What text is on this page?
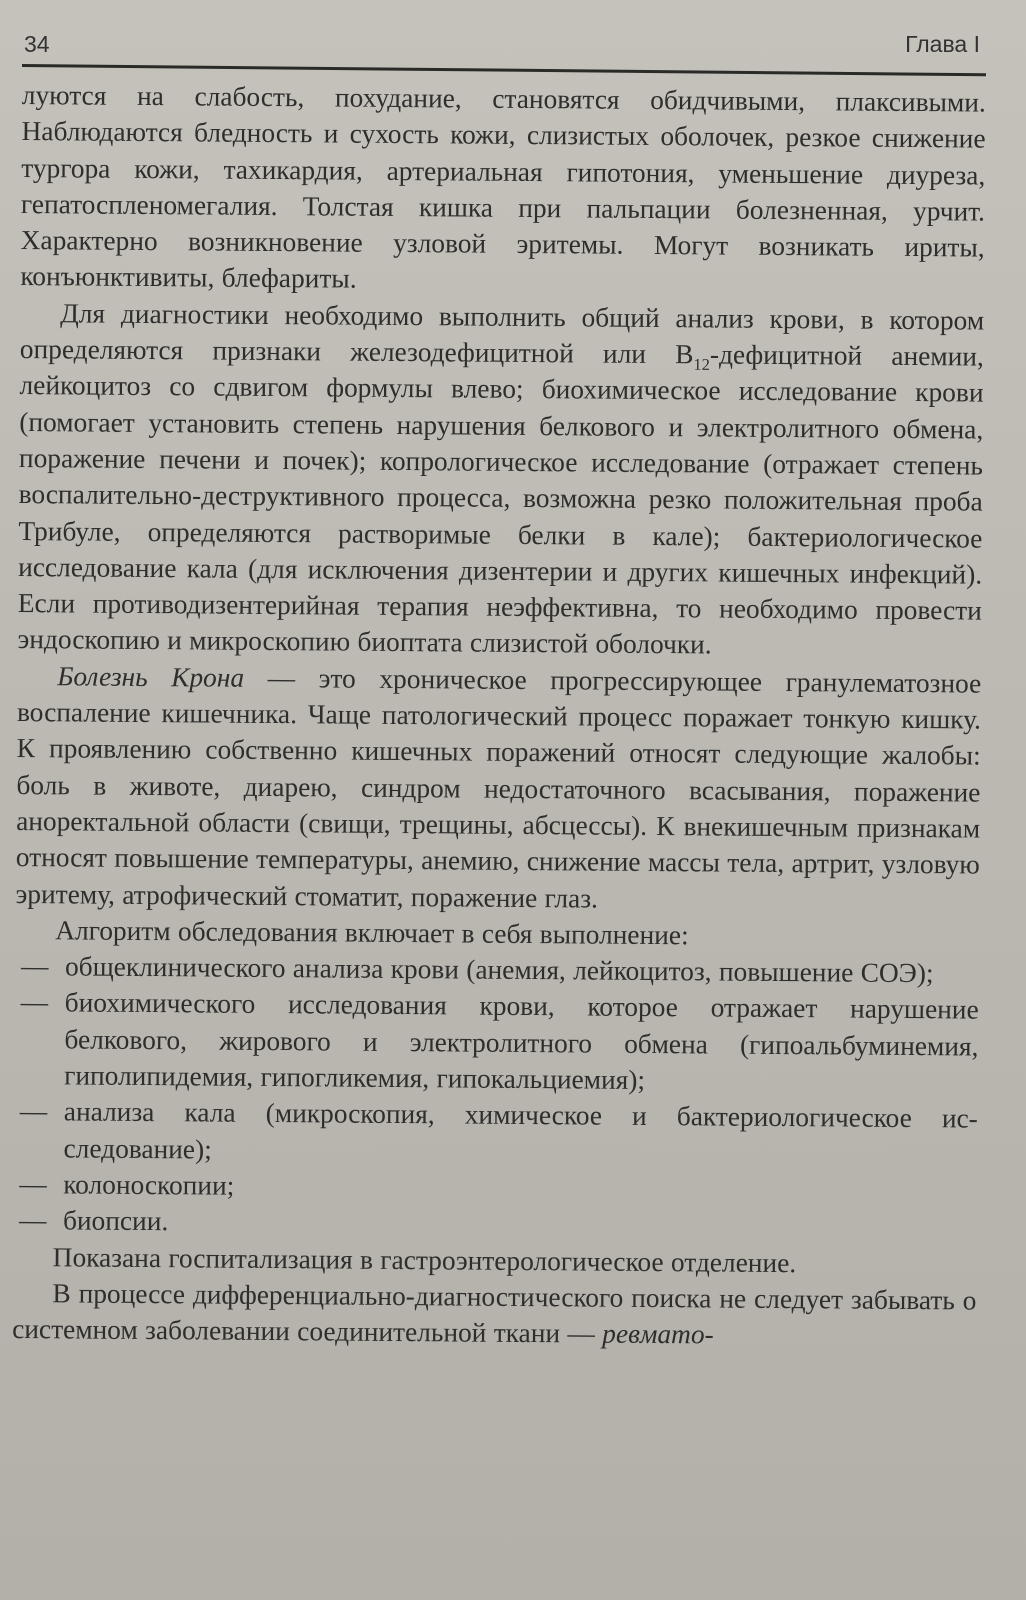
34	Глава I

луются на слабость, похудание, становятся обидчивыми, плаксивыми. Наблюдаются бледность и сухость кожи, слизистых оболочек, резкое снижение тургора кожи, тахикардия, артериальная гипотония, уменьшение диуреза, гепатоспленомегалия. Толстая кишка при пальпации болезненная, урчит. Характерно возникновение узловой эритемы. Могут возникать ириты, конъюнктивиты, блефариты.

Для диагностики необходимо выполнить общий анализ крови, в котором определяются признаки железодефицитной или $B_{12}$-дефицитной анемии, лейкоцитоз со сдвигом формулы влево; биохимическое исследование крови (помогает установить степень нарушения белкового и электролитного обмена, поражение печени и почек); копрологическое исследование (отражает степень воспалительно-деструктивного процесса, возможна резко положительная проба Трибуле, определяются растворимые белки в кале); бактериологическое исследование кала (для исключения дизентерии и других кишечных инфекций). Если противодизентерийная терапия неэффективна, то необходимо провести эндоскопию и микроскопию биоптата слизистой оболочки.

Болезнь Крона — это хроническое прогрессирующее гранулематозное воспаление кишечника. Чаще патологический процесс поражает тонкую кишку. К проявлению собственно кишечных поражений относят следующие жалобы: боль в животе, диарею, синдром недостаточного всасывания, поражение аноректальной области (свищи, трещины, абсцессы). К внекишечным признакам относят повышение температуры, анемию, снижение массы тела, артрит, узловую эритему, атрофический стоматит, поражение глаз.

Алгоритм обследования включает в себя выполнение:

— общеклинического анализа крови (анемия, лейкоцитоз, повышение СОЭ);
— биохимического исследования крови, которое отражает нарушение белкового, жирового и электролитного обмена (гипоальбуминемия, гиполипидемия, гипогликемия, гипокальциемия);
— анализа кала (микроскопия, химическое и бактериологическое исследование);
— колоноскопии;
— биопсии.

Показана госпитализация в гастроэнтерологическое отделение.

В процессе дифференциально-диагностического поиска не следует забывать о системном заболевании соединительной ткани — ревмато-
